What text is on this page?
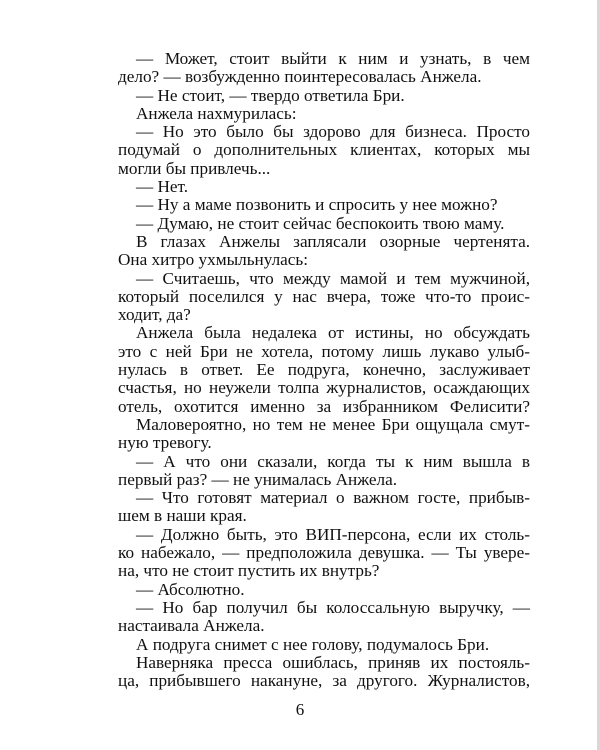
— Может, стоит выйти к ним и узнать, в чем
дело? — возбужденно поинтересовалась Анжела.
— Не стоит, — твердо ответила Бри.
Анжела нахмурилась:
— Но это было бы здорово для бизнеса. Просто
подумай о дополнительных клиентах, которых мы
могли бы привлечь...
— Нет.
— Ну а маме позвонить и спросить у нее можно?
— Думаю, не стоит сейчас беспокоить твою маму.
В глазах Анжелы заплясали озорные чертенята.
Она хитро ухмыльнулась:
— Считаешь, что между мамой и тем мужчиной,
который поселился у нас вчера, тоже что-то проис-
ходит, да?
Анжела была недалека от истины, но обсуждать
это с ней Бри не хотела, потому лишь лукаво улыб-
нулась в ответ. Ее подруга, конечно, заслуживает
счастья, но неужели толпа журналистов, осаждающих
отель, охотится именно за избранником Фелисити?
Маловероятно, но тем не менее Бри ощущала смут-
ную тревогу.
— А что они сказали, когда ты к ним вышла в
первый раз? — не унималась Анжела.
— Что готовят материал о важном госте, прибыв-
шем в наши края.
— Должно быть, это ВИП-персона, если их столь-
ко набежало, — предположила девушка. — Ты уверe-
на, что не стоит пустить их внутрь?
— Абсолютно.
— Но бар получил бы колоссальную выручку, —
настаивала Анжела.
А подруга снимет с нее голову, подумалось Бри.
Наверняка пресса ошиблась, приняв их постояль-
ца, прибывшего накануне, за другого. Журналистов,
6
